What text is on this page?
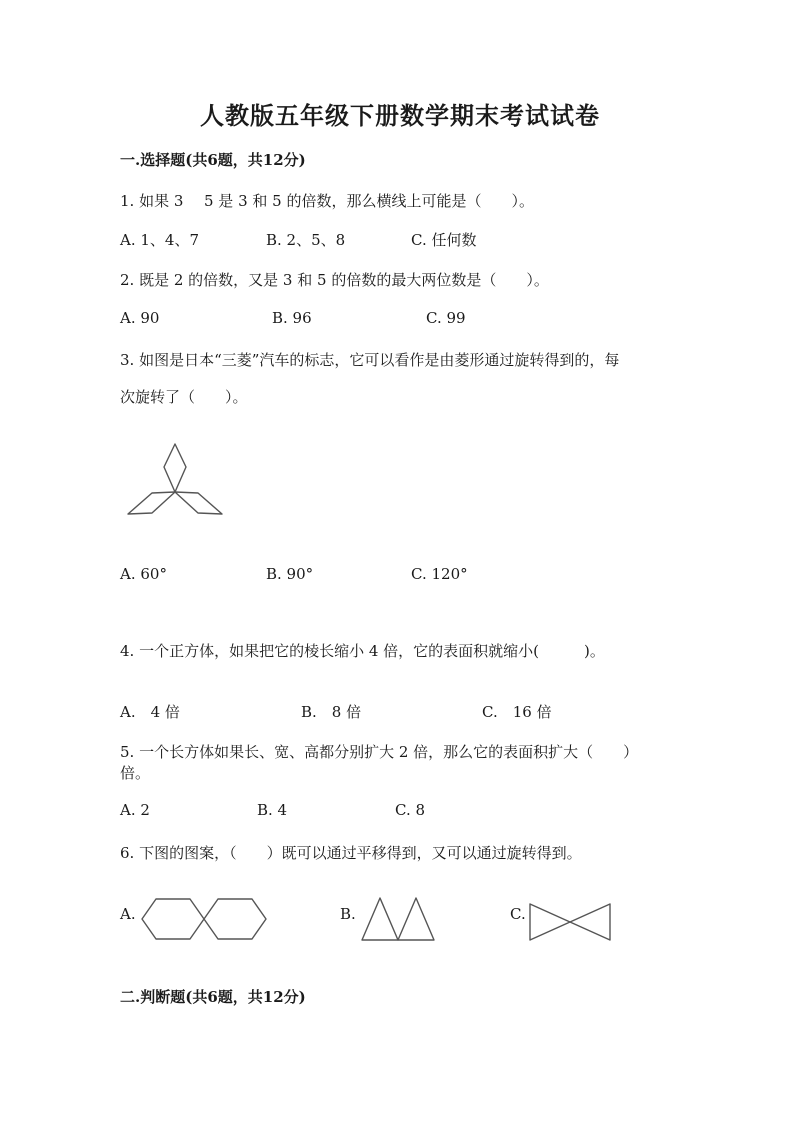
人教版五年级下册数学期末考试试卷
一.选择题(共6题，共12分)
1. 如果 3 5 是 3 和 5 的倍数，那么横线上可能是（　　）。
A. 1、4、7	B. 2、5、8	C. 任何数
2. 既是 2 的倍数，又是 3 和 5 的倍数的最大两位数是（　　）。
A. 90	B. 96	C. 99
3. 如图是日本“三菱”汽车的标志，它可以看作是由菱形通过旋转得到的，每
次旋转了（　　）。
A. 60°	B. 90°	C. 120°
4. 一个正方体，如果把它的棱长缩小 4 倍，它的表面积就缩小(　　　)。
A.　4 倍	B.　8 倍	C.　16 倍
5. 一个长方体如果长、宽、高都分别扩大 2 倍，那么它的表面积扩大（　　）
倍。
A. 2	B. 4	C. 8
6. 下图的图案，（　　）既可以通过平移得到，又可以通过旋转得到。
A.	B.	C.
二.判断题(共6题，共12分)
